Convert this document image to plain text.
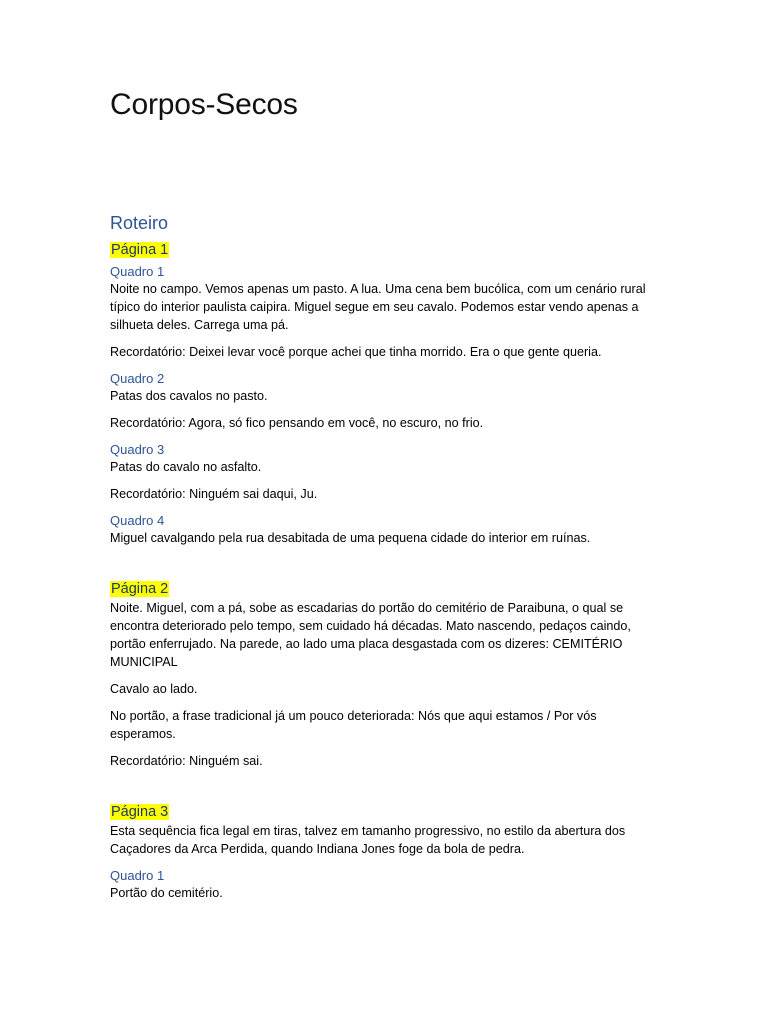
Corpos-Secos
Roteiro
Página 1
Quadro 1

Noite no campo. Vemos apenas um pasto. A lua. Uma cena bem bucólica, com um cenário rural típico do interior paulista caipira. Miguel segue em seu cavalo. Podemos estar vendo apenas a silhueta deles. Carrega uma pá.

Recordatório: Deixei levar você porque achei que tinha morrido. Era o que gente queria.

Quadro 2

Patas dos cavalos no pasto.

Recordatório: Agora, só fico pensando em você, no escuro, no frio.

Quadro 3

Patas do cavalo no asfalto.

Recordatório: Ninguém sai daqui, Ju.

Quadro 4

Miguel cavalgando pela rua desabitada de uma pequena cidade do interior em ruínas.

Página 2

Noite. Miguel, com a pá, sobe as escadarias do portão do cemitério de Paraibuna, o qual se encontra deteriorado pelo tempo, sem cuidado há décadas. Mato nascendo, pedaços caindo, portão enferrujado. Na parede, ao lado uma placa desgastada com os dizeres: CEMITÉRIO MUNICIPAL

Cavalo ao lado.

No portão, a frase tradicional já um pouco deteriorada: Nós que aqui estamos / Por vós esperamos.

Recordatório: Ninguém sai.

Página 3

Esta sequência fica legal em tiras, talvez em tamanho progressivo, no estilo da abertura dos Caçadores da Arca Perdida, quando Indiana Jones foge da bola de pedra.

Quadro 1

Portão do cemitério.
